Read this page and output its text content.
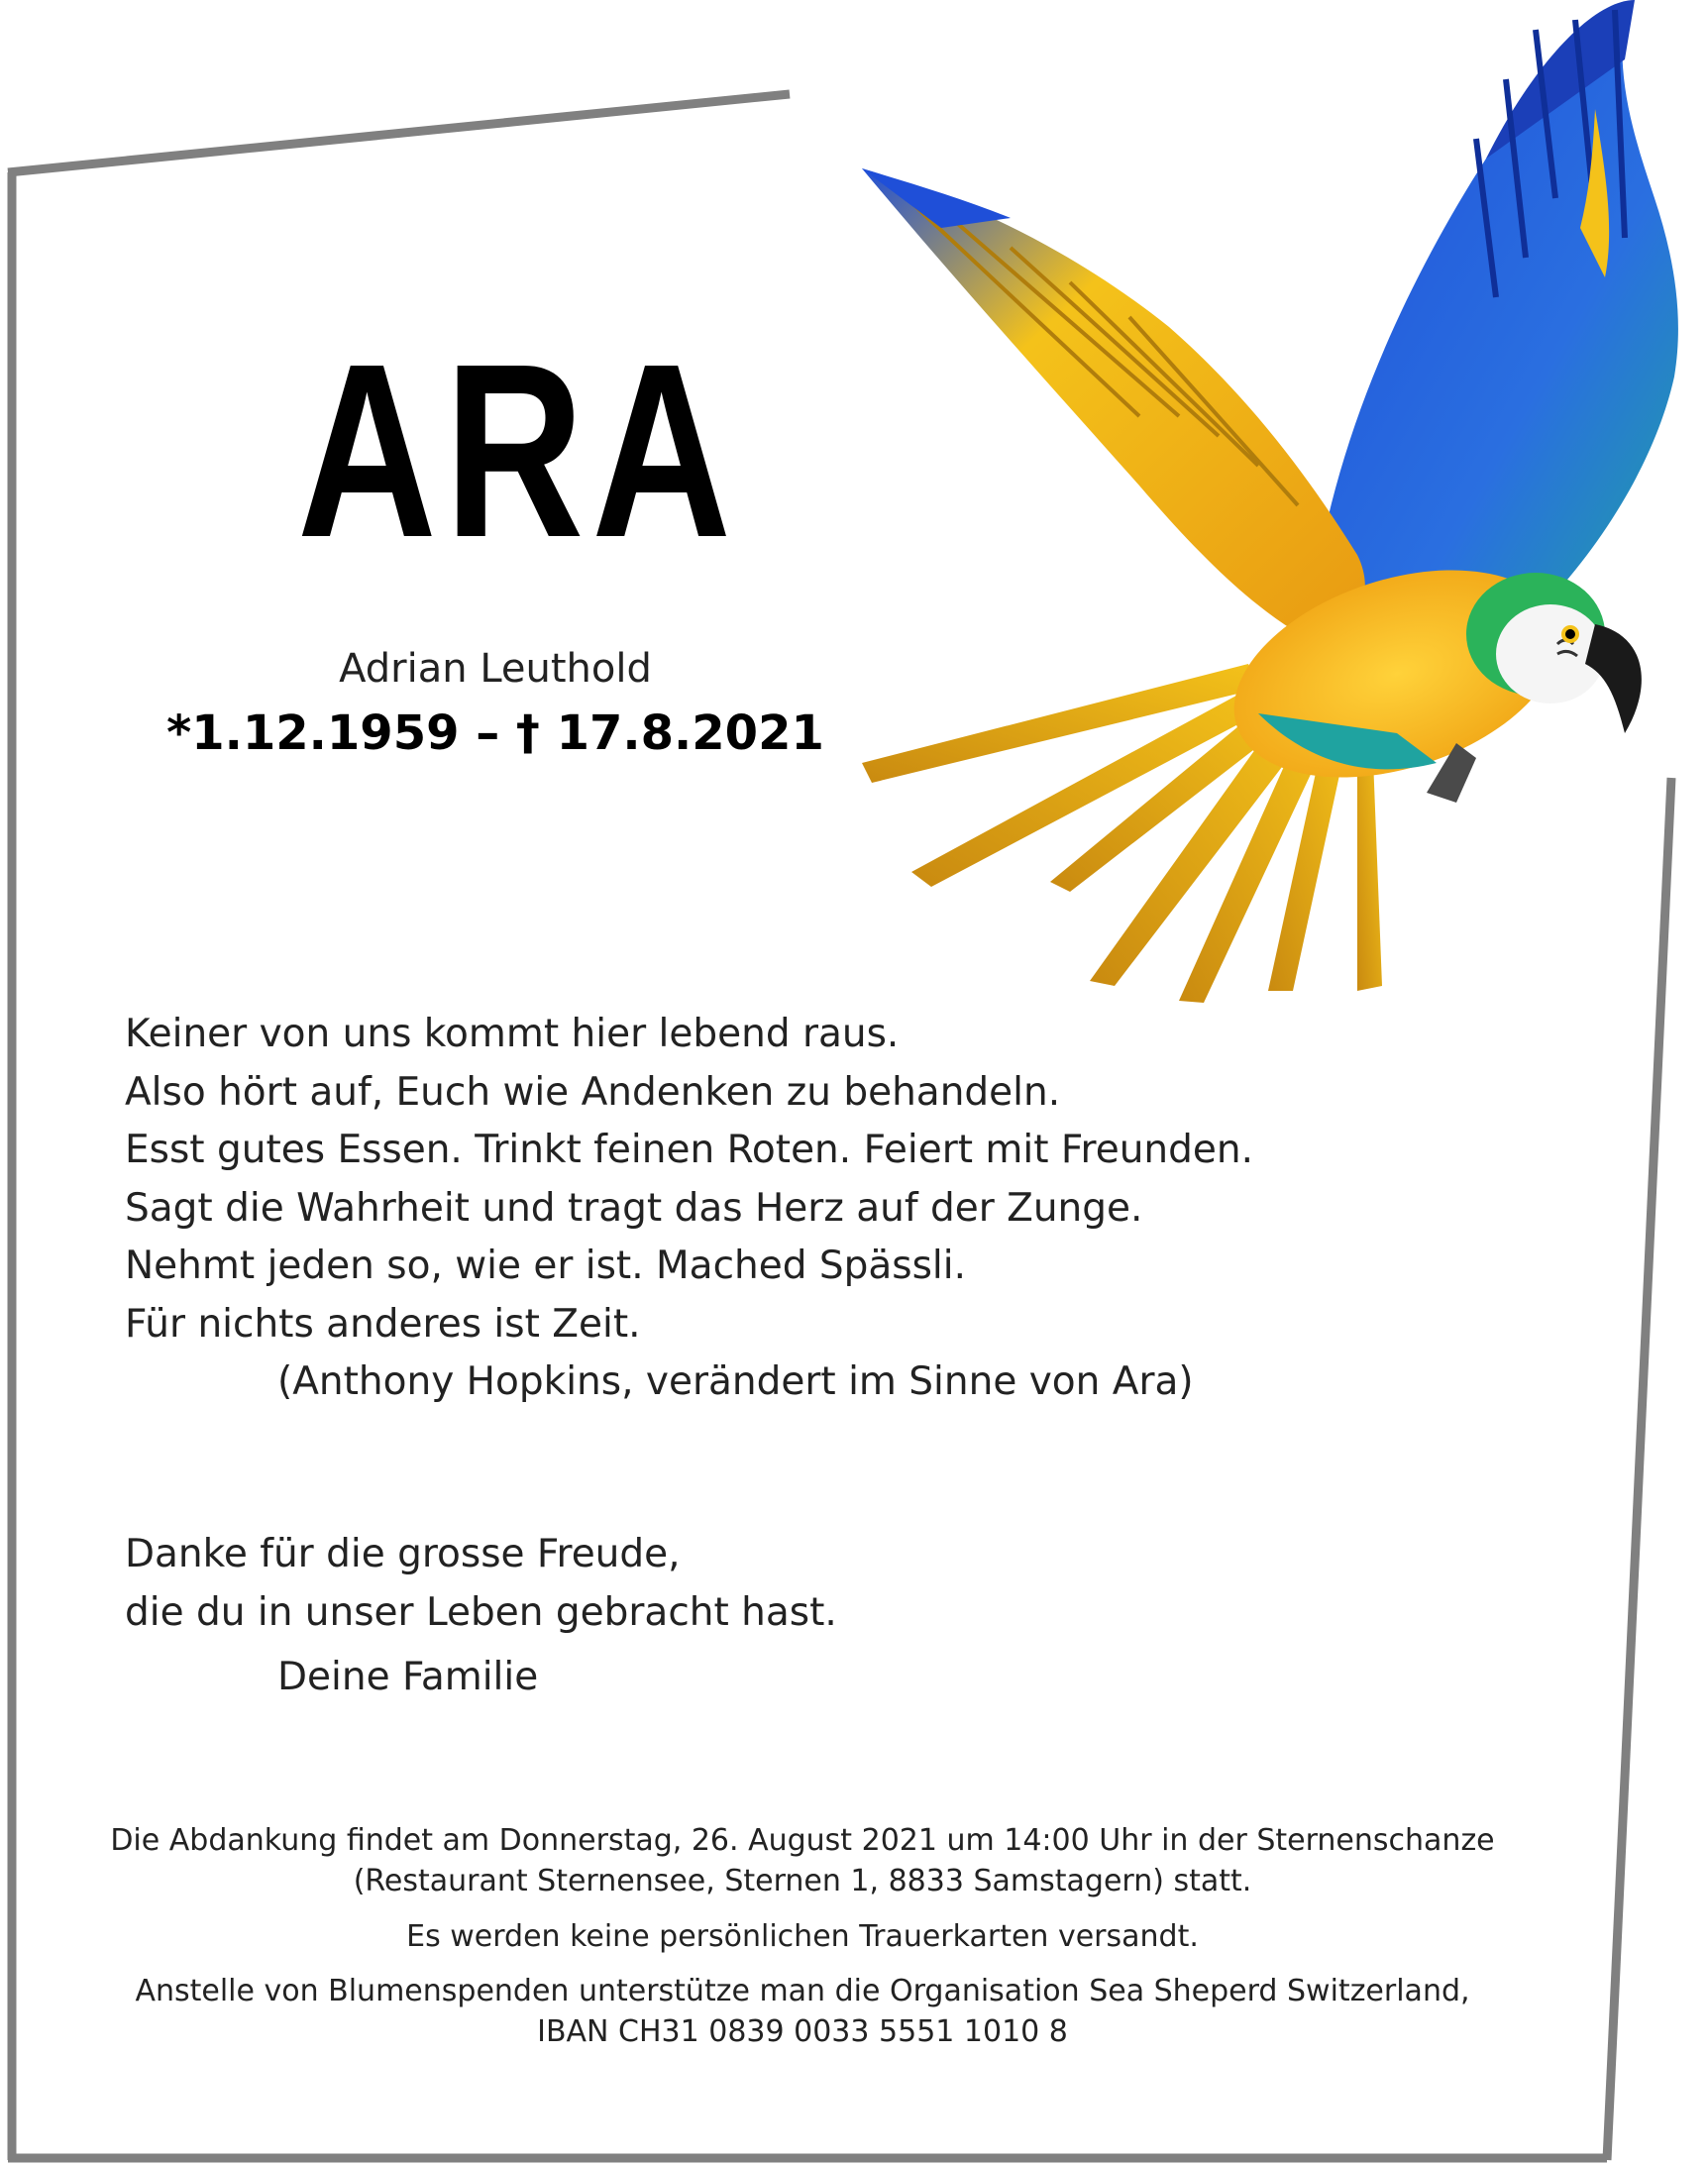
ARA
Adrian Leuthold
*1.12.1959 – † 17.8.2021
Keiner von uns kommt hier lebend raus.
Also hört auf, Euch wie Andenken zu behandeln.
Esst gutes Essen. Trinkt feinen Roten. Feiert mit Freunden.
Sagt die Wahrheit und tragt das Herz auf der Zunge.
Nehmt jeden so, wie er ist. Mached Spässli.
Für nichts anderes ist Zeit.
(Anthony Hopkins, verändert im Sinne von Ara)
Danke für die grosse Freude,
die du in unser Leben gebracht hast.
Deine Familie
Die Abdankung findet am Donnerstag, 26. August 2021 um 14:00 Uhr in der Sternenschanze
(Restaurant Sternensee, Sternen 1, 8833 Samstagern) statt.
Es werden keine persönlichen Trauerkarten versandt.
Anstelle von Blumenspenden unterstütze man die Organisation Sea Sheperd Switzerland,
IBAN CH31 0839 0033 5551 1010 8
